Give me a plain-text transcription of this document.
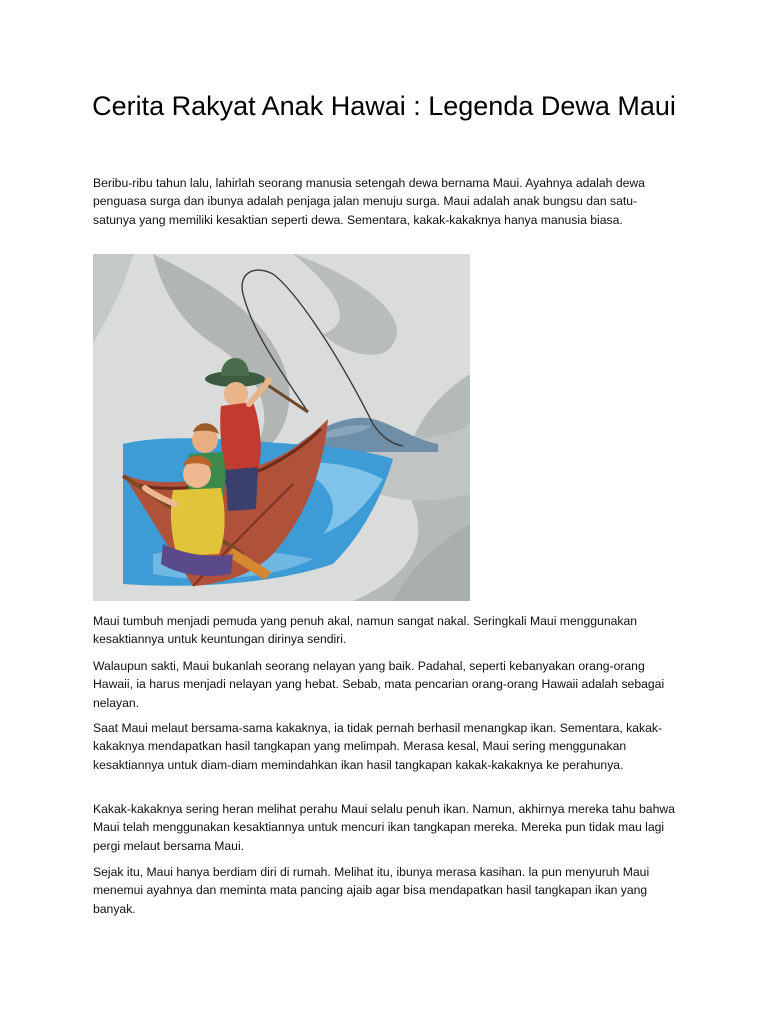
Cerita Rakyat Anak Hawai : Legenda Dewa Maui

Beribu-ribu tahun lalu, lahirlah seorang manusia setengah dewa bernama Maui. Ayahnya adalah dewa penguasa surga dan ibunya adalah penjaga jalan menuju surga. Maui adalah anak bungsu dan satu- satunya yang memiliki kesaktian seperti dewa. Sementara, kakak-kakaknya hanya manusia biasa.

Maui tumbuh menjadi pemuda yang penuh akal, namun sangat nakal. Seringkali Maui menggunakan kesaktiannya untuk keuntungan dirinya sendiri.

Walaupun sakti, Maui bukanlah seorang nelayan yang baik. Padahal, seperti kebanyakan orang-orang Hawaii, ia harus menjadi nelayan yang hebat. Sebab, mata pencarian orang-orang Hawaii adalah sebagai nelayan.

Saat Maui melaut bersama-sama kakaknya, ia tidak pernah berhasil menangkap ikan. Sementara, kakak-kakaknya mendapatkan hasil tangkapan yang melimpah. Merasa kesal, Maui sering menggunakan kesaktiannya untuk diam-diam memindahkan ikan hasil tangkapan kakak-kakaknya ke perahunya.

Kakak-kakaknya sering heran melihat perahu Maui selalu penuh ikan. Namun, akhirnya mereka tahu bahwa Maui telah menggunakan kesaktiannya untuk mencuri ikan tangkapan mereka. Mereka pun tidak mau lagi pergi melaut bersama Maui.

Sejak itu, Maui hanya berdiam diri di rumah. Melihat itu, ibunya merasa kasihan. la pun menyuruh Maui menemui ayahnya dan meminta mata pancing ajaib agar bisa mendapatkan hasil tangkapan ikan yang banyak.
